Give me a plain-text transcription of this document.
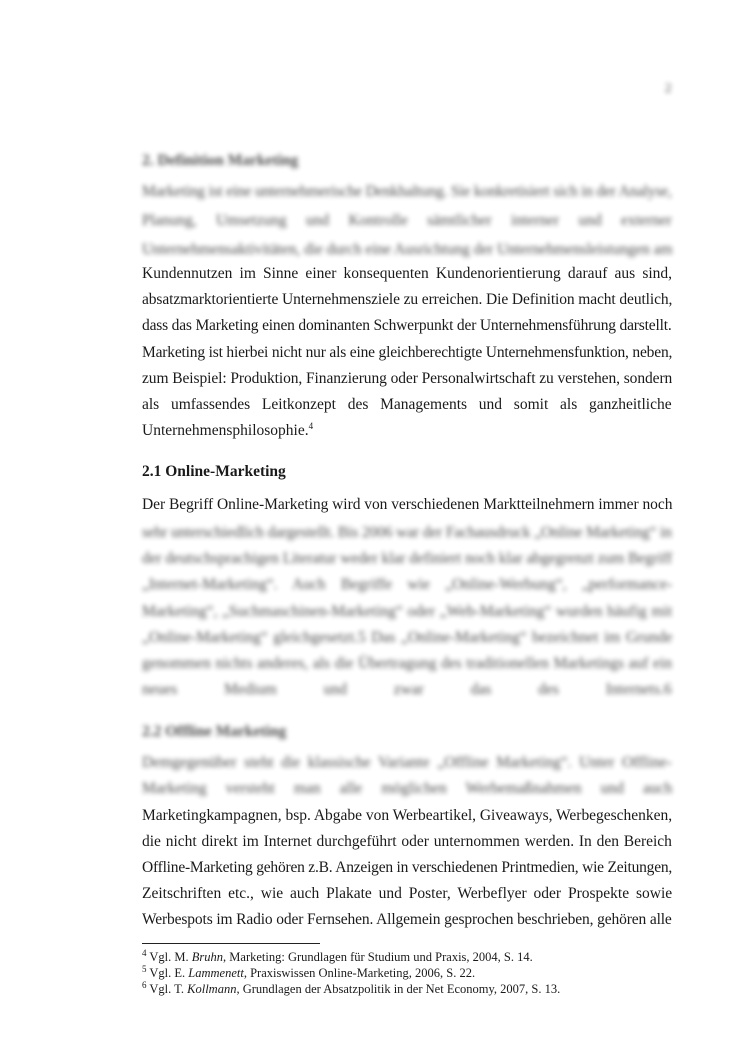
2
2. Definition Marketing
Marketing ist eine unternehmerische Denkhaltung. Sie konkretisiert sich in der Analyse,
Planung, Umsetzung und Kontrolle sämtlicher interner und externer
Unternehmensaktivitäten, die durch eine Ausrichtung der Unternehmensleistungen am
Kundennutzen im Sinne einer konsequenten Kundenorientierung darauf aus sind,
absatzmarktorientierte Unternehmensziele zu erreichen. Die Definition macht deutlich,
dass das Marketing einen dominanten Schwerpunkt der Unternehmensführung darstellt.
Marketing ist hierbei nicht nur als eine gleichberechtigte Unternehmensfunktion, neben,
zum Beispiel: Produktion, Finanzierung oder Personalwirtschaft zu verstehen, sondern
als umfassendes Leitkonzept des Managements und somit als ganzheitliche
Unternehmensphilosophie.$^4$
2.1 Online-Marketing
Der Begriff Online-Marketing wird von verschiedenen Marktteilnehmern immer noch
sehr unterschiedlich dargestellt. Bis 2006 war der Fachausdruck „Online Marketing“ in
der deutschsprachigen Literatur weder klar definiert noch klar abgegrenzt zum Begriff
„Internet-Marketing“. Auch Begriffe wie „Online-Werbung“, „performance-
Marketing“, „Suchmaschinen-Marketing“ oder „Web-Marketing“ wurden häufig mit
„Online-Marketing“ gleichgesetzt.5 Das „Online-Marketing“ bezeichnet im Grunde
genommen nichts anderes, als die Übertragung des traditionellen Marketings auf ein
neues Medium und zwar das des Internets.6
2.2 Offline Marketing
Demgegenüber steht die klassische Variante „Offline Marketing“. Unter Offline-
Marketing versteht man alle möglichen Werbemaßnahmen und auch
Marketingkampagnen, bsp. Abgabe von Werbeartikel, Giveaways, Werbegeschenken,
die nicht direkt im Internet durchgeführt oder unternommen werden. In den Bereich
Offline-Marketing gehören z.B. Anzeigen in verschiedenen Printmedien, wie Zeitungen,
Zeitschriften etc., wie auch Plakate und Poster, Werbeflyer oder Prospekte sowie
Werbespots im Radio oder Fernsehen. Allgemein gesprochen beschrieben, gehören alle
$^4$ Vgl. M. Bruhn, Marketing: Grundlagen für Studium und Praxis, 2004, S. 14.
$^5$ Vgl. E. Lammenett, Praxiswissen Online-Marketing, 2006, S. 22.
$^6$ Vgl. T. Kollmann, Grundlagen der Absatzpolitik in der Net Economy, 2007, S. 13.
